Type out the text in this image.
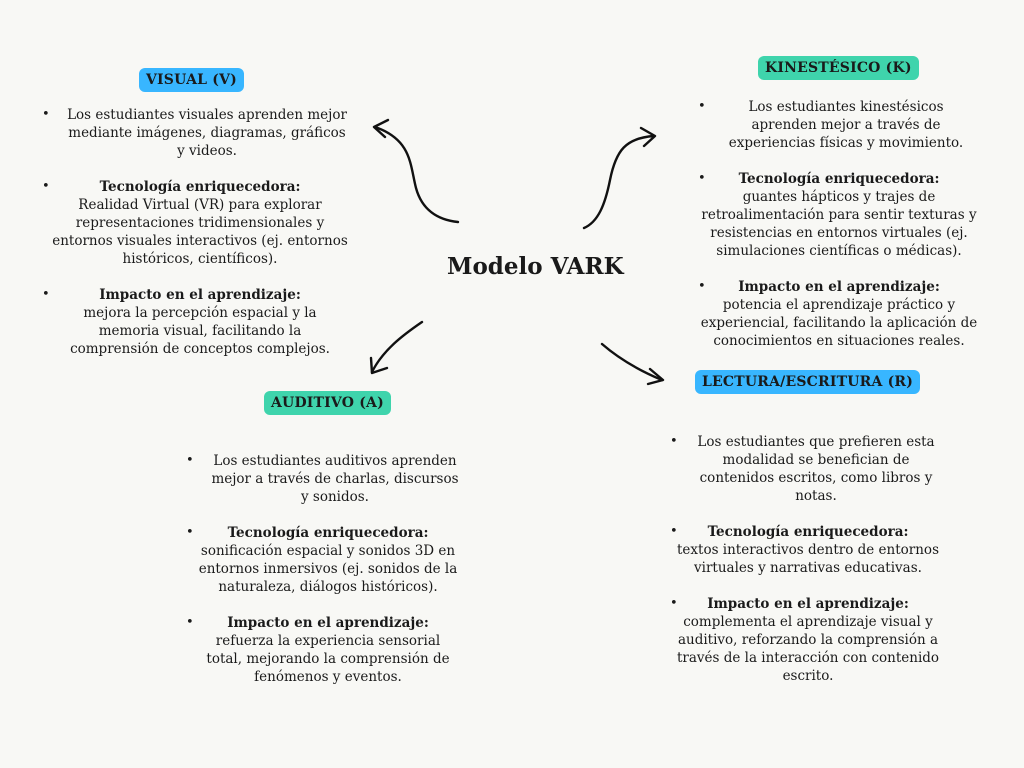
Modelo VARK
VISUAL (V)
• Los estudiantes visuales aprenden mejor mediante imágenes, diagramas, gráficos y videos.
• Tecnología enriquecedora:
Realidad Virtual (VR) para explorar representaciones tridimensionales y entornos visuales interactivos (ej. entornos históricos, científicos).
• Impacto en el aprendizaje:
mejora la percepción espacial y la memoria visual, facilitando la comprensión de conceptos complejos.
KINESTÉSICO (K)
• Los estudiantes kinestésicos aprenden mejor a través de experiencias físicas y movimiento.
• Tecnología enriquecedora:
guantes hápticos y trajes de retroalimentación para sentir texturas y resistencias en entornos virtuales (ej. simulaciones científicas o médicas).
• Impacto en el aprendizaje:
potencia el aprendizaje práctico y experiencial, facilitando la aplicación de conocimientos en situaciones reales.
AUDITIVO (A)
• Los estudiantes auditivos aprenden mejor a través de charlas, discursos y sonidos.
• Tecnología enriquecedora:
sonificación espacial y sonidos 3D en entornos inmersivos (ej. sonidos de la naturaleza, diálogos históricos).
• Impacto en el aprendizaje:
refuerza la experiencia sensorial total, mejorando la comprensión de fenómenos y eventos.
LECTURA/ESCRITURA (R)
• Los estudiantes que prefieren esta modalidad se benefician de contenidos escritos, como libros y notas.
• Tecnología enriquecedora:
textos interactivos dentro de entornos virtuales y narrativas educativas.
• Impacto en el aprendizaje:
complementa el aprendizaje visual y auditivo, reforzando la comprensión a través de la interacción con contenido escrito.
